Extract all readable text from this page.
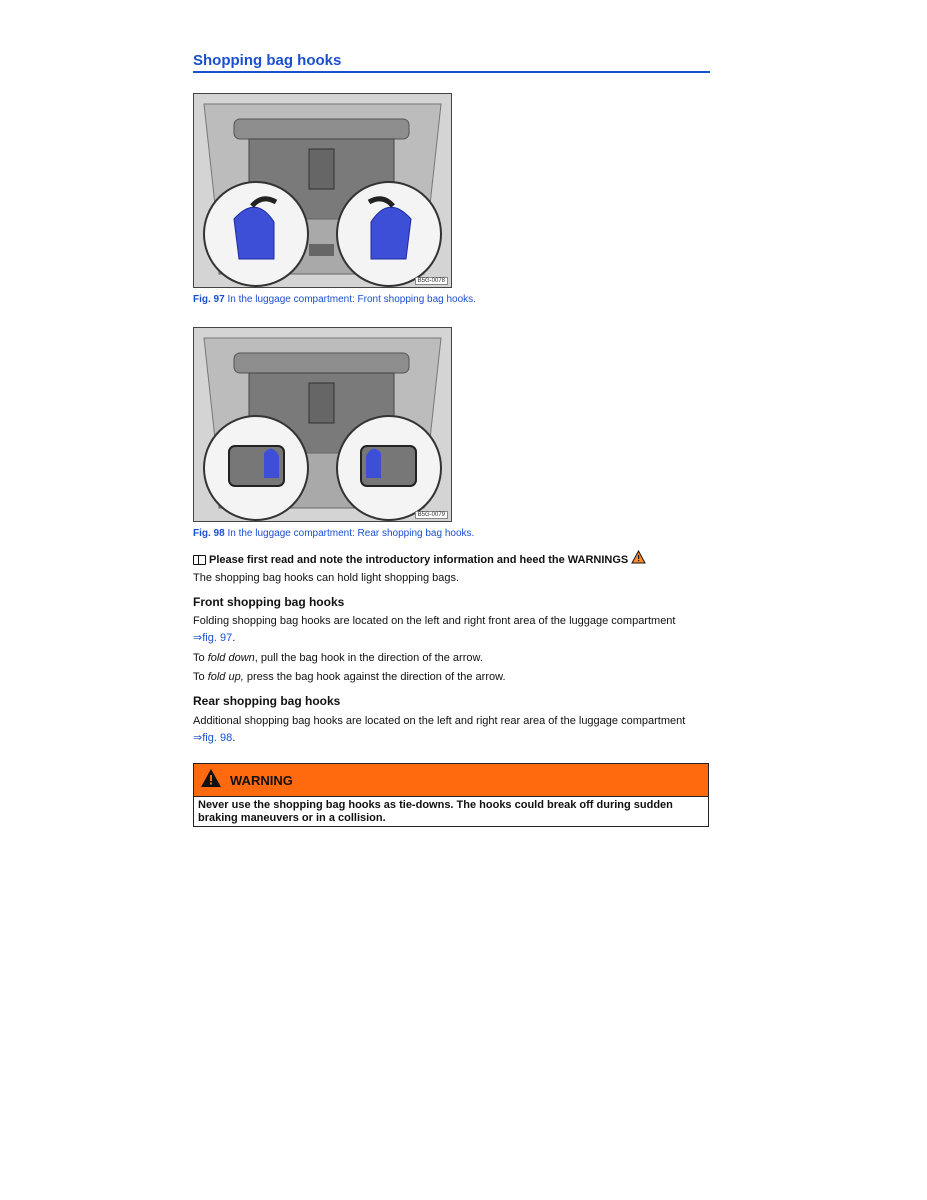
Shopping bag hooks
B5G-0078
Fig. 97 In the luggage compartment: Front shopping bag hooks.
B5G-0079
Fig. 98 In the luggage compartment: Rear shopping bag hooks.
Please first read and note the introductory information and heed the WARNINGS
The shopping bag hooks can hold light shopping bags.
Front shopping bag hooks
Folding shopping bag hooks are located on the left and right front area of the luggage compartment
⇒fig. 97.
To fold down, pull the bag hook in the direction of the arrow.
To fold up, press the bag hook against the direction of the arrow.
Rear shopping bag hooks
Additional shopping bag hooks are located on the left and right rear area of the luggage compartment
⇒fig. 98.
WARNING
Never use the shopping bag hooks as tie-downs. The hooks could break off during sudden braking maneuvers or in a collision.
